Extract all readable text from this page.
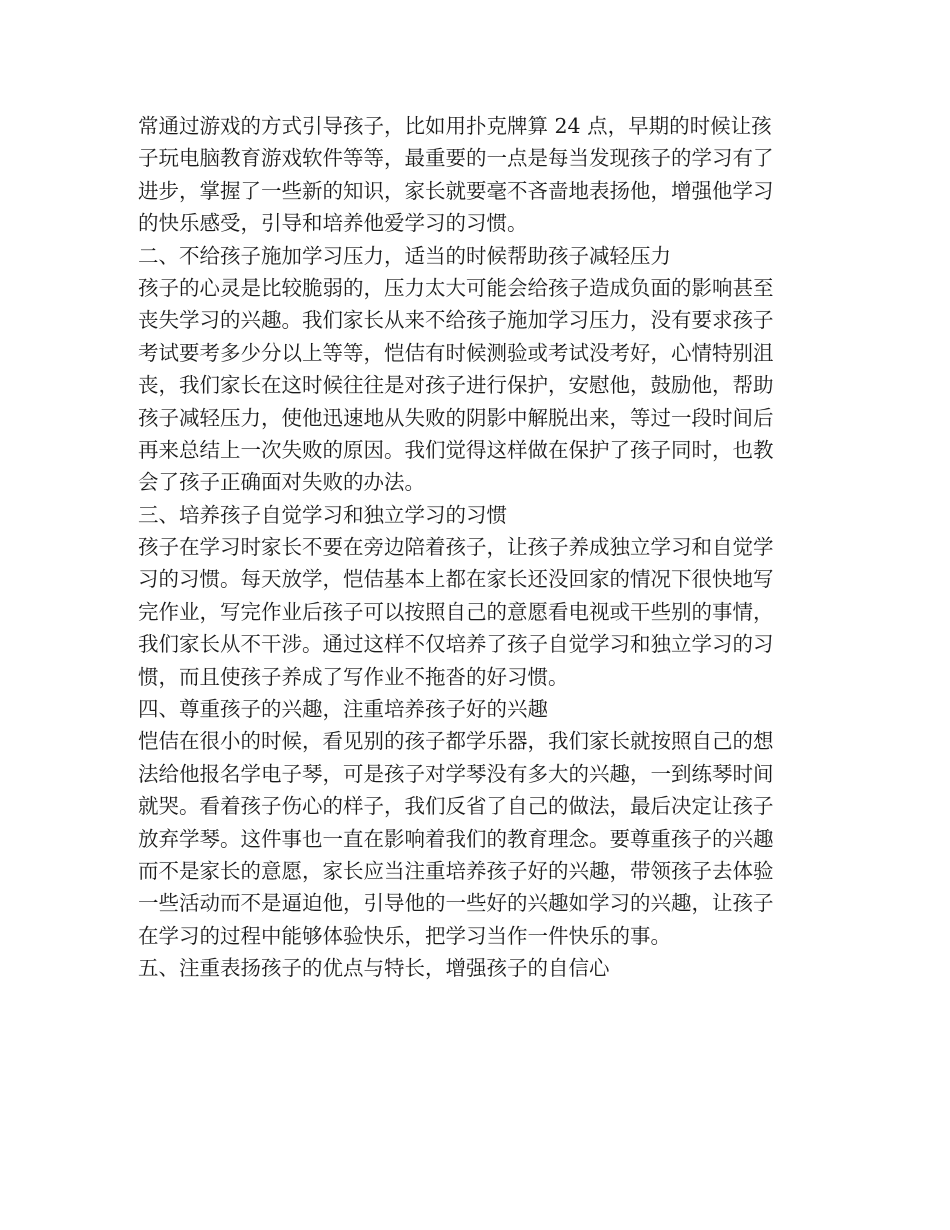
常通过游戏的方式引导孩子，比如用扑克牌算 24 点，早期的时候让孩
子玩电脑教育游戏软件等等，最重要的一点是每当发现孩子的学习有了
进步，掌握了一些新的知识，家长就要毫不吝啬地表扬他，增强他学习
的快乐感受，引导和培养他爱学习的习惯。
二、不给孩子施加学习压力，适当的时候帮助孩子减轻压力
孩子的心灵是比较脆弱的，压力太大可能会给孩子造成负面的影响甚至
丧失学习的兴趣。我们家长从来不给孩子施加学习压力，没有要求孩子
考试要考多少分以上等等，恺佶有时候测验或考试没考好，心情特别沮
丧，我们家长在这时候往往是对孩子进行保护，安慰他，鼓励他，帮助
孩子减轻压力，使他迅速地从失败的阴影中解脱出来，等过一段时间后
再来总结上一次失败的原因。我们觉得这样做在保护了孩子同时，也教
会了孩子正确面对失败的办法。
三、培养孩子自觉学习和独立学习的习惯
孩子在学习时家长不要在旁边陪着孩子，让孩子养成独立学习和自觉学
习的习惯。每天放学，恺佶基本上都在家长还没回家的情况下很快地写
完作业，写完作业后孩子可以按照自己的意愿看电视或干些别的事情，
我们家长从不干涉。通过这样不仅培养了孩子自觉学习和独立学习的习
惯，而且使孩子养成了写作业不拖沓的好习惯。
四、尊重孩子的兴趣，注重培养孩子好的兴趣
恺佶在很小的时候，看见别的孩子都学乐器，我们家长就按照自己的想
法给他报名学电子琴，可是孩子对学琴没有多大的兴趣，一到练琴时间
就哭。看着孩子伤心的样子，我们反省了自己的做法，最后决定让孩子
放弃学琴。这件事也一直在影响着我们的教育理念。要尊重孩子的兴趣
而不是家长的意愿，家长应当注重培养孩子好的兴趣，带领孩子去体验
一些活动而不是逼迫他，引导他的一些好的兴趣如学习的兴趣，让孩子
在学习的过程中能够体验快乐，把学习当作一件快乐的事。
五、注重表扬孩子的优点与特长，增强孩子的自信心
